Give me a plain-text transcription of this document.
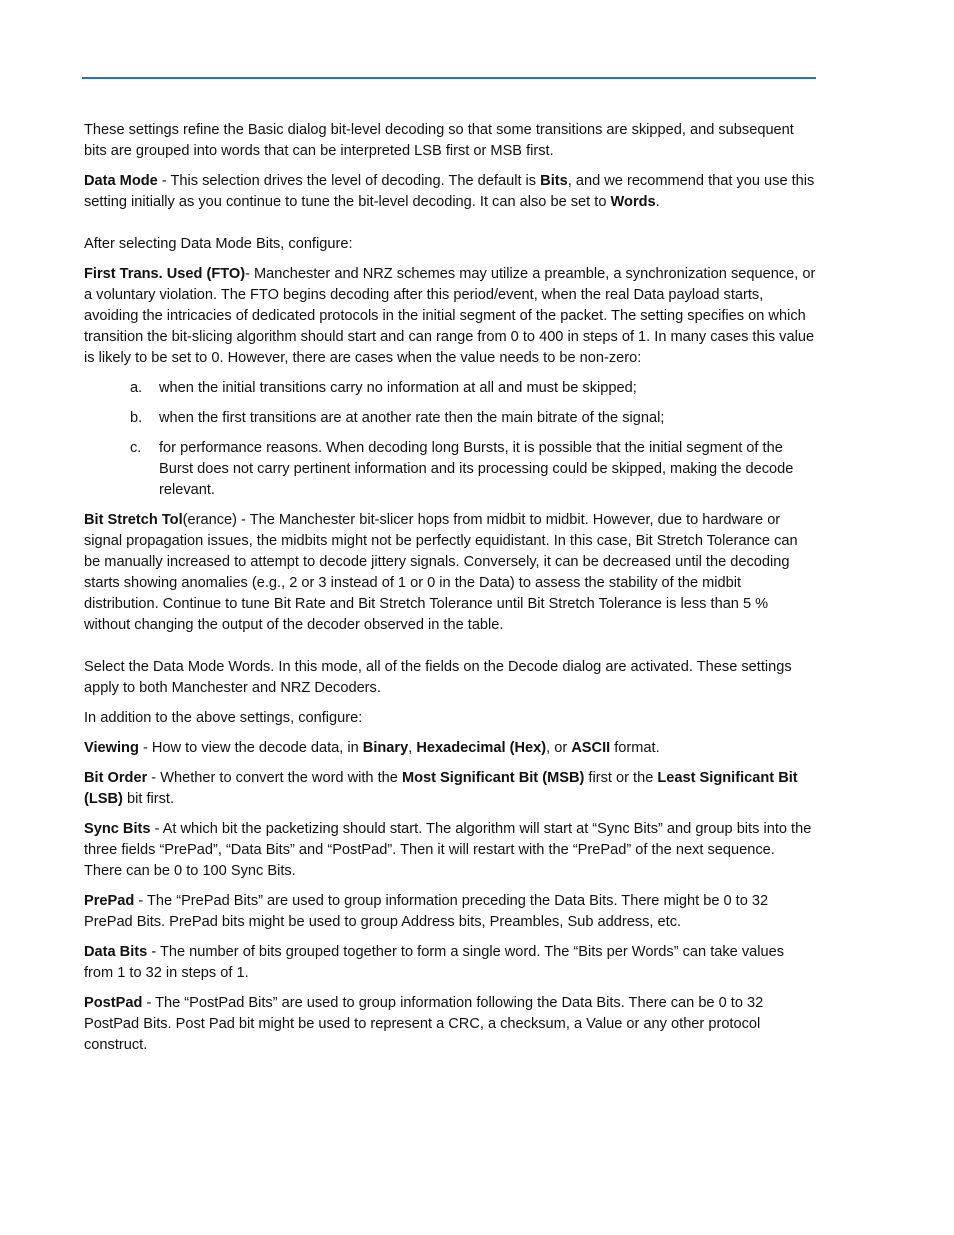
These settings refine the Basic dialog bit-level decoding so that some transitions are skipped, and subsequent bits are grouped into words that can be interpreted LSB first or MSB first.

Data Mode - This selection drives the level of decoding. The default is Bits, and we recommend that you use this setting initially as you continue to tune the bit-level decoding. It can also be set to Words.

After selecting Data Mode Bits, configure:

First Trans. Used (FTO)- Manchester and NRZ schemes may utilize a preamble, a synchronization sequence, or a voluntary violation. The FTO begins decoding after this period/event, when the real Data payload starts, avoiding the intricacies of dedicated protocols in the initial segment of the packet. The setting specifies on which transition the bit-slicing algorithm should start and can range from 0 to 400 in steps of 1. In many cases this value is likely to be set to 0. However, there are cases when the value needs to be non-zero:

a. when the initial transitions carry no information at all and must be skipped;
b. when the first transitions are at another rate then the main bitrate of the signal;
c. for performance reasons. When decoding long Bursts, it is possible that the initial segment of the Burst does not carry pertinent information and its processing could be skipped, making the decode relevant.

Bit Stretch Tol(erance) - The Manchester bit-slicer hops from midbit to midbit. However, due to hardware or signal propagation issues, the midbits might not be perfectly equidistant. In this case, Bit Stretch Tolerance can be manually increased to attempt to decode jittery signals. Conversely, it can be decreased until the decoding starts showing anomalies (e.g., 2 or 3 instead of 1 or 0 in the Data) to assess the stability of the midbit distribution. Continue to tune Bit Rate and Bit Stretch Tolerance until Bit Stretch Tolerance is less than 5 % without changing the output of the decoder observed in the table.

Select the Data Mode Words. In this mode, all of the fields on the Decode dialog are activated. These settings apply to both Manchester and NRZ Decoders.

In addition to the above settings, configure:

Viewing - How to view the decode data, in Binary, Hexadecimal (Hex), or ASCII format.

Bit Order - Whether to convert the word with the Most Significant Bit (MSB) first or the Least Significant Bit (LSB) bit first.

Sync Bits - At which bit the packetizing should start. The algorithm will start at “Sync Bits” and group bits into the three fields “PrePad”, “Data Bits” and “PostPad”. Then it will restart with the “PrePad” of the next sequence. There can be 0 to 100 Sync Bits.

PrePad - The “PrePad Bits” are used to group information preceding the Data Bits. There might be 0 to 32 PrePad Bits. PrePad bits might be used to group Address bits, Preambles, Sub address, etc.

Data Bits - The number of bits grouped together to form a single word. The “Bits per Words” can take values from 1 to 32 in steps of 1.

PostPad - The “PostPad Bits” are used to group information following the Data Bits. There can be 0 to 32 PostPad Bits. Post Pad bit might be used to represent a CRC, a checksum, a Value or any other protocol construct.
